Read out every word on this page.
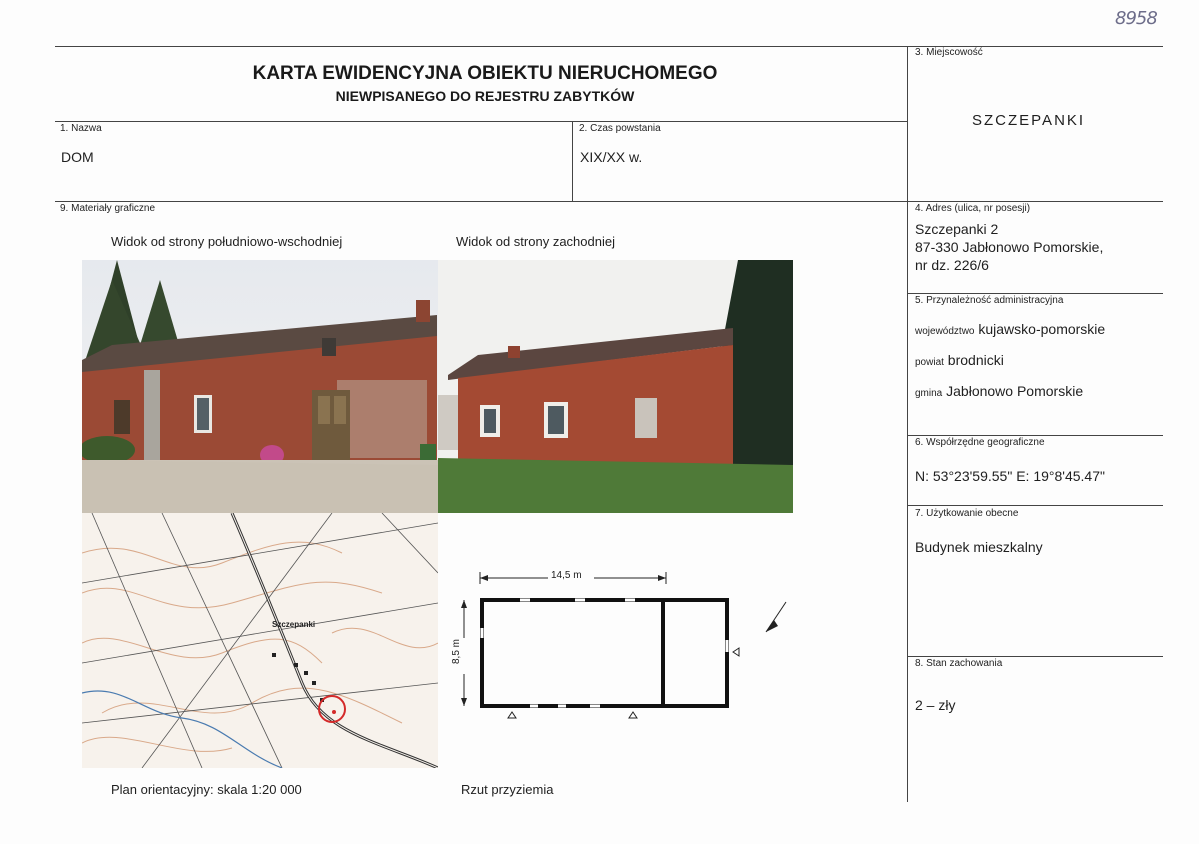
8958
KARTA EWIDENCYJNA OBIEKTU NIERUCHOMEGO
NIEWPISANEGO DO REJESTRU ZABYTKÓW
1. Nazwa
DOM
2. Czas powstania
XIX/XX w.
3. Miejscowość
SZCZEPANKI
4. Adres (ulica, nr posesji)
Szczepanki 2
87-330 Jabłonowo Pomorskie,
nr dz. 226/6
5. Przynależność administracyjna
województwo kujawsko-pomorskie
powiat brodnicki
gmina Jabłonowo Pomorskie
6. Współrzędne geograficzne
N: 53°23'59.55" E: 19°8'45.47"
7. Użytkowanie obecne
Budynek mieszkalny
8. Stan zachowania
2 – zły
9. Materiały graficzne
Widok od strony południowo-wschodniej	Widok od strony zachodniej
Plan orientacyjny: skala 1:20 000	Rzut przyziemia
Szczepanki
14,5 m
8,5 m
